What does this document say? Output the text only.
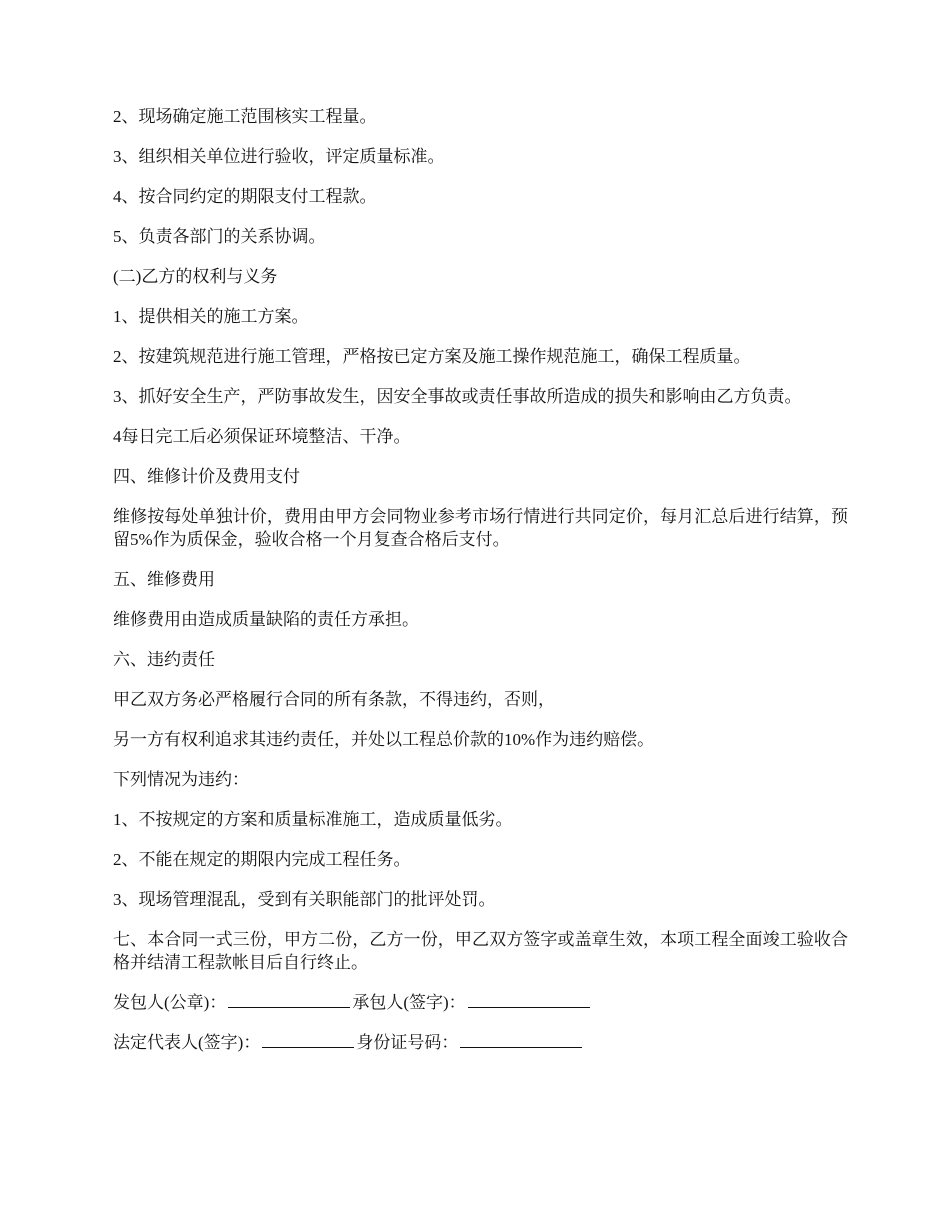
2、现场确定施工范围核实工程量。

3、组织相关单位进行验收，评定质量标准。

4、按合同约定的期限支付工程款。

5、负责各部门的关系协调。

(二)乙方的权利与义务

1、提供相关的施工方案。

2、按建筑规范进行施工管理，严格按已定方案及施工操作规范施工，确保工程质量。

3、抓好安全生产，严防事故发生，因安全事故或责任事故所造成的损失和影响由乙方负责。

4每日完工后必须保证环境整洁、干净。

四、维修计价及费用支付

维修按每处单独计价，费用由甲方会同物业参考市场行情进行共同定价，每月汇总后进行结算，预留5%作为质保金，验收合格一个月复查合格后支付。

五、维修费用

维修费用由造成质量缺陷的责任方承担。

六、违约责任

甲乙双方务必严格履行合同的所有条款，不得违约，否则，

另一方有权利追求其违约责任，并处以工程总价款的10%作为违约赔偿。

下列情况为违约：

1、不按规定的方案和质量标准施工，造成质量低劣。

2、不能在规定的期限内完成工程任务。

3、现场管理混乱，受到有关职能部门的批评处罚。

七、本合同一式三份，甲方二份，乙方一份，甲乙双方签字或盖章生效，本项工程全面竣工验收合格并结清工程款帐目后自行终止。

发包人(公章)：	承包人(签字)：
法定代表人(签字)：	身份证号码：
